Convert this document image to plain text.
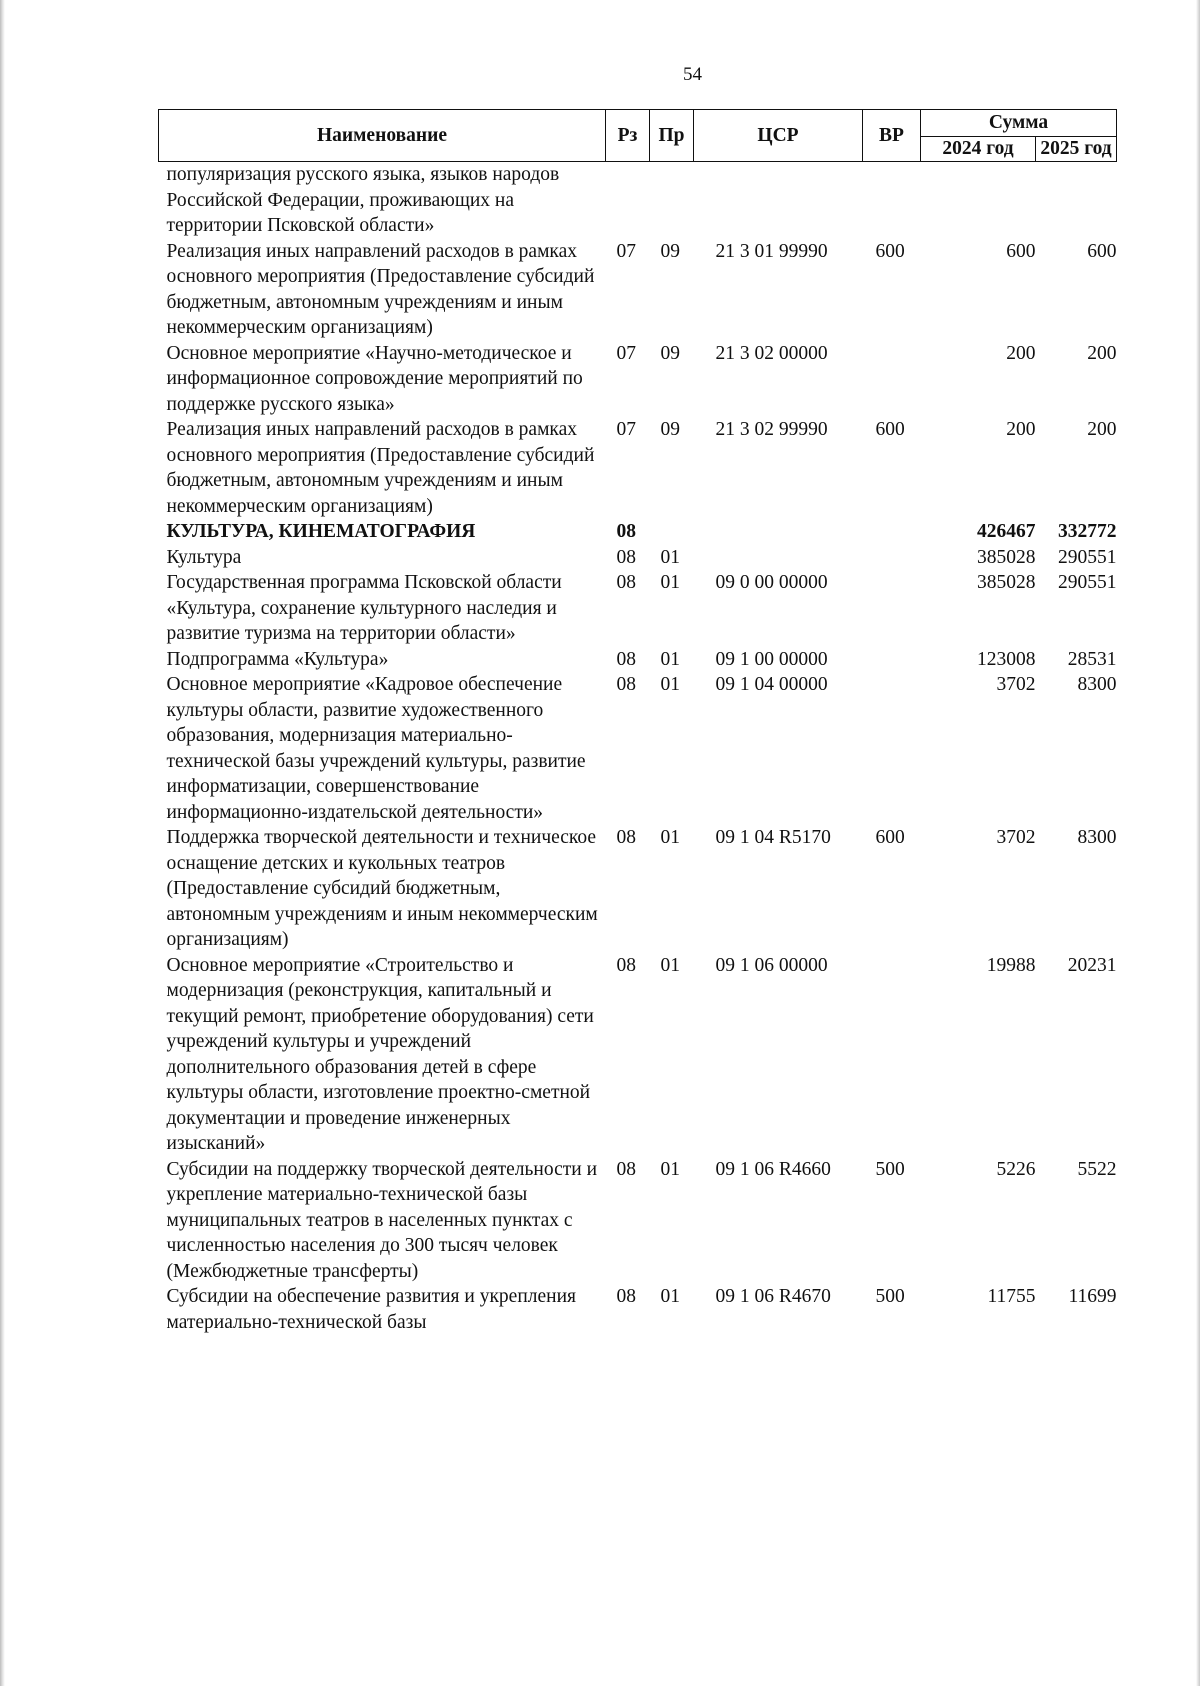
54
Наименование	Рз	Пр	ЦСР	ВР	Сумма	
					2024 год	2025 год
популяризация русского языка, языков народов Российской Федерации, проживающих на территории Псковской области»						
Реализация иных направлений расходов в рамках основного мероприятия (Предоставление субсидий бюджетным, автономным учреждениям и иным некоммерческим организациям)	07	09	21 3 01 99990	600	600	600
Основное мероприятие «Научно-методическое и информационное сопровождение мероприятий по поддержке русского языка»	07	09	21 3 02 00000		200	200
Реализация иных направлений расходов в рамках основного мероприятия (Предоставление субсидий бюджетным, автономным учреждениям и иным некоммерческим организациям)	07	09	21 3 02 99990	600	200	200
КУЛЬТУРА, КИНЕМАТОГРАФИЯ	08				426467	332772
Культура	08	01			385028	290551
Государственная программа Псковской области «Культура, сохранение культурного наследия и развитие туризма на территории области»	08	01	09 0 00 00000		385028	290551
Подпрограмма «Культура»	08	01	09 1 00 00000		123008	28531
Основное мероприятие «Кадровое обеспечение культуры области, развитие художественного образования, модернизация материально-технической базы учреждений культуры, развитие информатизации, совершенствование информационно-издательской деятельности»	08	01	09 1 04 00000		3702	8300
Поддержка творческой деятельности и техническое оснащение детских и кукольных театров (Предоставление субсидий бюджетным, автономным учреждениям и иным некоммерческим организациям)	08	01	09 1 04 R5170	600	3702	8300
Основное мероприятие «Строительство и модернизация (реконструкция, капитальный и текущий ремонт, приобретение оборудования) сети учреждений культуры и учреждений дополнительного образования детей в сфере культуры области, изготовление проектно-сметной документации и проведение инженерных изысканий»	08	01	09 1 06 00000		19988	20231
Субсидии на поддержку творческой деятельности и укрепление материально-технической базы муниципальных театров в населенных пунктах с численностью населения до 300 тысяч человек (Межбюджетные трансферты)	08	01	09 1 06 R4660	500	5226	5522
Субсидии на обеспечение развития и укрепления материально-технической базы	08	01	09 1 06 R4670	500	11755	11699
